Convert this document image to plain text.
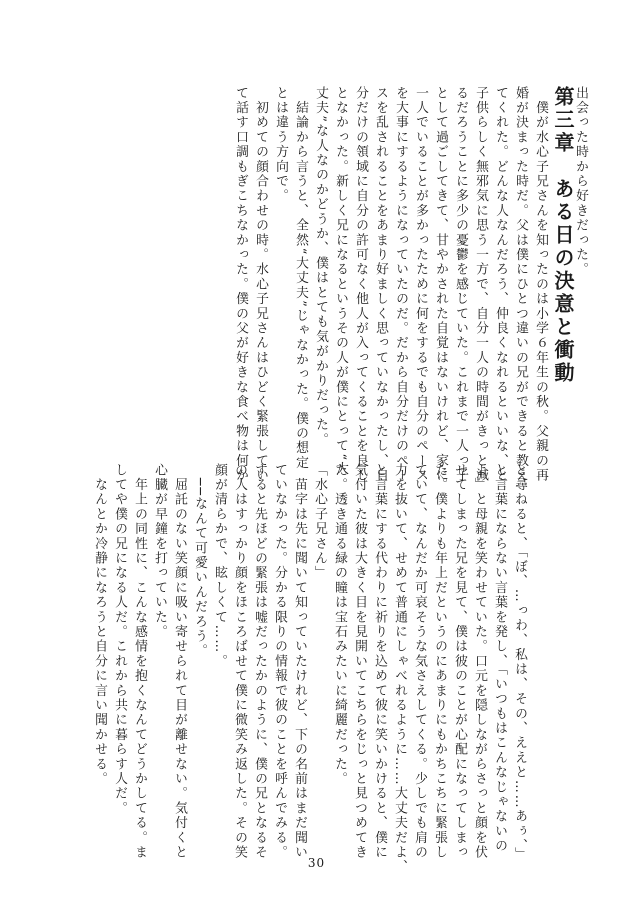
第三章　ある日の決意と衝動

出会った時から好きだった。

　僕が水心子兄さんを知ったのは小学６年生の秋。父親の再
婚が決まった時だ。父は僕にひとつ違いの兄ができると教え
てくれた。どんな人なんだろう、仲良くなれるといいな、と
子供らしく無邪気に思う一方で、自分一人の時間がきっと減
るだろうことに多少の憂鬱を感じていた。これまで一人っ子
として過ごしてきて、甘やかされた自覚はないけれど、家に
一人でいることが多かったために何をするでも自分のペース
を大事にするようになっていたのだ。だから自分だけのペー
スを乱されることをあまり好ましく思っていなかったし、自
分だけの領域に自分の許可なく他人が入ってくることを良し
となかった。新しく兄になるというその人が僕にとって“大
丈夫”な人なのかどうか、僕はとても気がかりだった。
　結論から言うと、全然“大丈夫”じゃなかった。僕の想定
とは違う方向で。
　初めての顔合わせの時。水心子兄さんはひどく緊張してい
て話す口調もぎこちなかった。僕の父が好きな食べ物は何か
と尋ねると、「ぼ、…っわ、私は、その、ええと……あぅ、」
と言葉にならない言葉を発し、「いつもはこんなじゃないの
よ」と母親を笑わせていた。口元を隠しながらさっと顔を伏
せてしまった兄を見て、僕は彼のことが心配になってしまっ
た。僕よりも年上だというのにあまりにもかちこちに緊張し
ていて、なんだか可哀そうな気さえしてくる。少しでも肩の
力を抜いて、せめて普通にしゃべれるように……大丈夫だよ、
と言葉にする代わりに祈りを込めて彼に笑いかけると、僕に
気付いた彼は大きく目を見開いてこちらをじっと見つめてき
た。透き通る緑の瞳は宝石みたいに綺麗だった。
「水心子兄さん」
　苗字は先に聞いて知っていたけれど、下の名前はまだ聞い
ていなかった。分かる限りの情報で彼のことを呼んでみる。
すると先ほどの緊張は嘘だったかのように、僕の兄となるそ
の人はすっかり顔をほころばせて僕に微笑み返した。その笑
顔が清らかで、眩しくて……。
　──なんて可愛いんだろう。
　屈託のない笑顔に吸い寄せられて目が離せない。気付くと
心臓が早鐘を打っていた。
　年上の同性に、こんな感情を抱くなんてどうかしてる。ま
してや僕の兄になる人だ。これから共に暮らす人だ。
　なんとか冷静になろうと自分に言い聞かせる。
30
